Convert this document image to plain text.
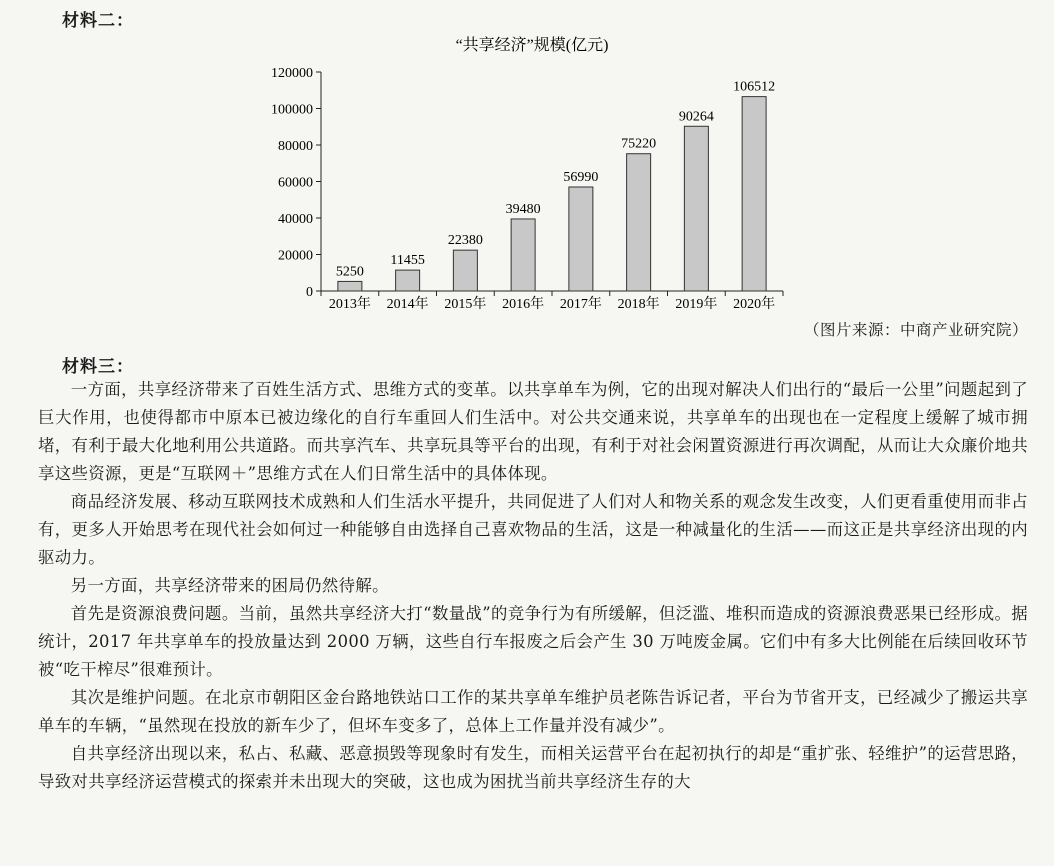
材料二：
“共享经济”规模(亿元)
0
20000
40000
60000
80000
100000
120000
5250
2013年
11455
2014年
22380
2015年
39480
2016年
56990
2017年
75220
2018年
90264
2019年
106512
2020年
（图片来源：中商产业研究院）
材料三：

一方面，共享经济带来了百姓生活方式、思维方式的变革。以共享单车为例，它的出现对解决人们出行的“最后一公里”问题起到了巨大作用，也使得都市中原本已被边缘化的自行车重回人们生活中。对公共交通来说，共享单车的出现也在一定程度上缓解了城市拥堵，有利于最大化地利用公共道路。而共享汽车、共享玩具等平台的出现，有利于对社会闲置资源进行再次调配，从而让大众廉价地共享这些资源，更是“互联网＋”思维方式在人们日常生活中的具体体现。

商品经济发展、移动互联网技术成熟和人们生活水平提升，共同促进了人们对人和物关系的观念发生改变，人们更看重使用而非占有，更多人开始思考在现代社会如何过一种能够自由选择自己喜欢物品的生活，这是一种减量化的生活——而这正是共享经济出现的内驱动力。

另一方面，共享经济带来的困局仍然待解。

首先是资源浪费问题。当前，虽然共享经济大打“数量战”的竞争行为有所缓解，但泛滥、堆积而造成的资源浪费恶果已经形成。据统计，2017 年共享单车的投放量达到 2000 万辆，这些自行车报废之后会产生 30 万吨废金属。它们中有多大比例能在后续回收环节被“吃干榨尽”很难预计。

其次是维护问题。在北京市朝阳区金台路地铁站口工作的某共享单车维护员老陈告诉记者，平台为节省开支，已经减少了搬运共享单车的车辆，“虽然现在投放的新车少了，但坏车变多了，总体上工作量并没有减少”。

自共享经济出现以来，私占、私藏、恶意损毁等现象时有发生，而相关运营平台在起初执行的却是“重扩张、轻维护”的运营思路，导致对共享经济运营模式的探索并未出现大的突破，这也成为困扰当前共享经济生存的大
